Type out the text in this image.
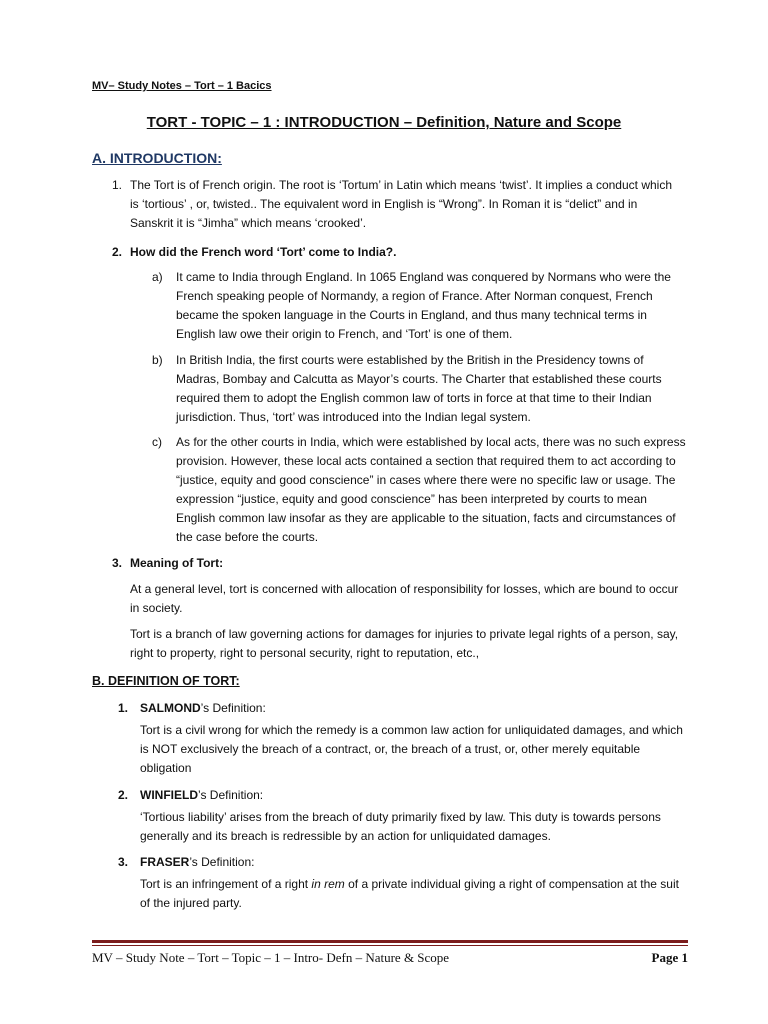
MV– Study Notes – Tort – 1 Bacics
TORT - TOPIC – 1 : INTRODUCTION – Definition, Nature and Scope
A. INTRODUCTION:
1. The Tort is of French origin. The root is ‘Tortum’ in Latin which means ‘twist’. It implies a conduct which is ‘tortious’ , or, twisted.. The equivalent word in English is “Wrong”. In Roman it is “delict” and in Sanskrit it is “Jimha” which means ‘crooked’.
2. How did the French word ‘Tort’ come to India?.
a) It came to India through England. In 1065 England was conquered by Normans who were the French speaking people of Normandy, a region of France. After Norman conquest, French became the spoken language in the Courts in England, and thus many technical terms in English law owe their origin to French, and ‘Tort’ is one of them.
b) In British India, the first courts were established by the British in the Presidency towns of Madras, Bombay and Calcutta as Mayor’s courts. The Charter that established these courts required them to adopt the English common law of torts in force at that time to their Indian jurisdiction. Thus, ‘tort’ was introduced into the Indian legal system.
c) As for the other courts in India, which were established by local acts, there was no such express provision. However, these local acts contained a section that required them to act according to “justice, equity and good conscience” in cases where there were no specific law or usage. The expression “justice, equity and good conscience” has been interpreted by courts to mean English common law insofar as they are applicable to the situation, facts and circumstances of the case before the courts.
3. Meaning of Tort:
At a general level, tort is concerned with allocation of responsibility for losses, which are bound to occur in society.
Tort is a branch of law governing actions for damages for injuries to private legal rights of a person, say, right to property, right to personal security, right to reputation, etc.,
B. DEFINITION OF TORT:
1. SALMOND’s Definition:
Tort is a civil wrong for which the remedy is a common law action for unliquidated damages, and which is NOT exclusively the breach of a contract, or, the breach of a trust, or, other merely equitable obligation
2. WINFIELD’s Definition:
‘Tortious liability’ arises from the breach of duty primarily fixed by law. This duty is towards persons generally and its breach is redressible by an action for unliquidated damages.
3. FRASER’s Definition:
Tort is an infringement of a right in rem of a private individual giving a right of compensation at the suit of the injured party.
MV – Study Note – Tort – Topic – 1 – Intro- Defn – Nature & Scope	Page 1
